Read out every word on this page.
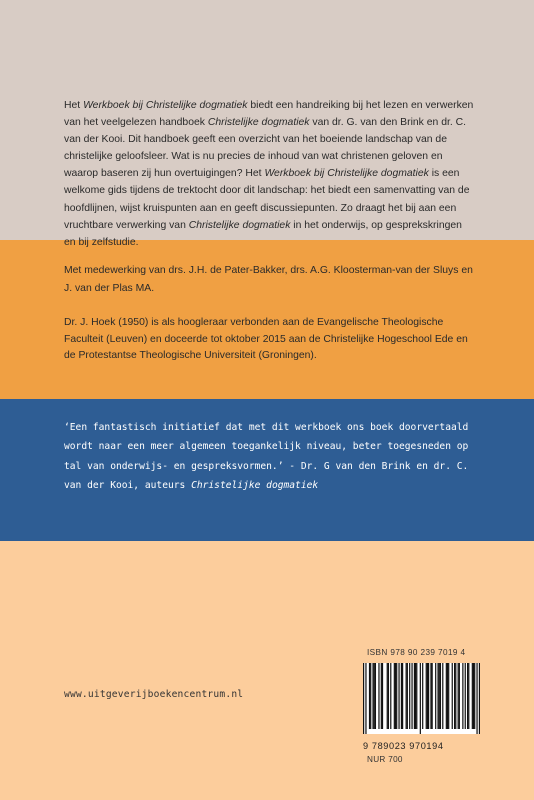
Het Werkboek bij Christelijke dogmatiek biedt een handreiking bij het lezen en verwerken van het veelgelezen handboek Christelijke dogmatiek van dr. G. van den Brink en dr. C. van der Kooi. Dit handboek geeft een overzicht van het boeiende landschap van de christelijke geloofsleer. Wat is nu precies de inhoud van wat christenen geloven en waarop baseren zij hun overtuigingen? Het Werkboek bij Christelijke dogmatiek is een welkome gids tijdens de trektocht door dit landschap: het biedt een samenvatting van de hoofdlijnen, wijst kruispunten aan en geeft discussiepunten. Zo draagt het bij aan een vruchtbare verwerking van Christelijke dogmatiek in het onderwijs, op gesprekskringen en bij zelfstudie.

Met medewerking van drs. J.H. de Pater-Bakker, drs. A.G. Kloosterman-van der Sluys en J. van der Plas MA.

Dr. J. Hoek (1950) is als hoogleraar verbonden aan de Evangelische Theologische Faculteit (Leuven) en doceerde tot oktober 2015 aan de Christelijke Hogeschool Ede en de Protestantse Theologische Universiteit (Groningen).

‘Een fantastisch initiatief dat met dit werkboek ons boek doorvertaald wordt naar een meer algemeen toegankelijk niveau, beter toegesneden op tal van onderwijs- en gespreksvormen.’ - Dr. G van den Brink en dr. C. van der Kooi, auteurs Christelijke dogmatiek

www.uitgeverijboekencentrum.nl

ISBN 978 90 239 7019 4

9 789023 970194

NUR 700
